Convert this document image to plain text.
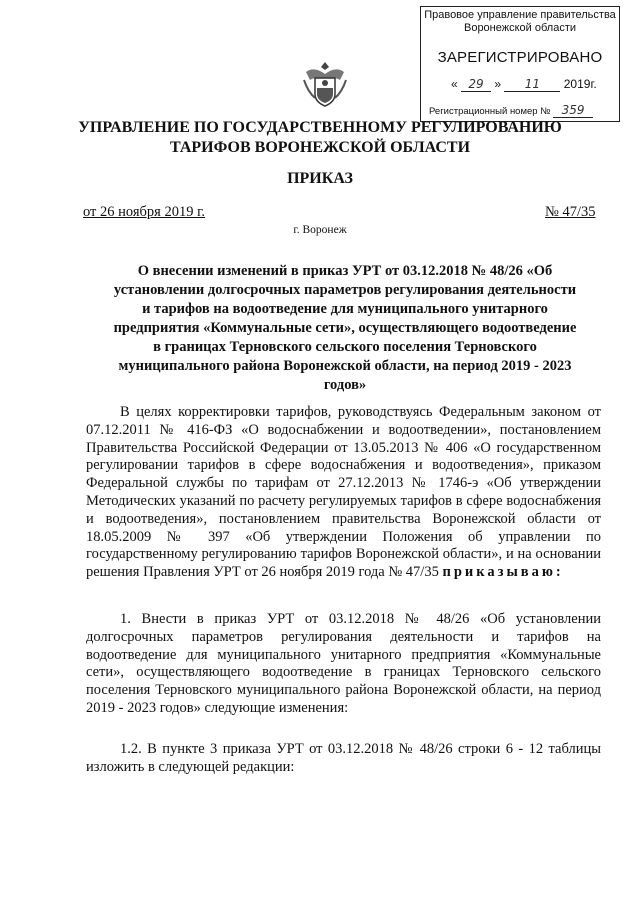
Правовое управление правительства
Воронежской области
ЗАРЕГИСТРИРОВАНО
« 29 » 11 2019г.
Регистрационный номер № 359
УПРАВЛЕНИЕ ПО ГОСУДАРСТВЕННОМУ РЕГУЛИРОВАНИЮ
ТАРИФОВ ВОРОНЕЖСКОЙ ОБЛАСТИ
ПРИКАЗ
от 26 ноября 2019 г.	№ 47/35
г. Воронеж
О внесении изменений в приказ УРТ от 03.12.2018 № 48/26 «Об установлении долгосрочных параметров регулирования деятельности и тарифов на водоотведение для муниципального унитарного предприятия «Коммунальные сети», осуществляющего водоотведение в границах Терновского сельского поселения Терновского муниципального района Воронежской области, на период 2019 - 2023 годов»
В целях корректировки тарифов, руководствуясь Федеральным законом от 07.12.2011 № 416-ФЗ «О водоснабжении и водоотведении», постановлением Правительства Российской Федерации от 13.05.2013 № 406 «О государственном регулировании тарифов в сфере водоснабжения и водоотведения», приказом Федеральной службы по тарифам от 27.12.2013 № 1746-э «Об утверждении Методических указаний по расчету регулируемых тарифов в сфере водоснабжения и водоотведения», постановлением правительства Воронежской области от 18.05.2009 № 397 «Об утверждении Положения об управлении по государственному регулированию тарифов Воронежской области», и на основании решения Правления УРТ от 26 ноября 2019 года № 47/35 приказываю:
1. Внести в приказ УРТ от 03.12.2018 № 48/26 «Об установлении долгосрочных параметров регулирования деятельности и тарифов на водоотведение для муниципального унитарного предприятия «Коммунальные сети», осуществляющего водоотведение в границах Терновского сельского поселения Терновского муниципального района Воронежской области, на период 2019 - 2023 годов» следующие изменения:
1.2. В пункте 3 приказа УРТ от 03.12.2018 № 48/26 строки 6 - 12 таблицы изложить в следующей редакции:
